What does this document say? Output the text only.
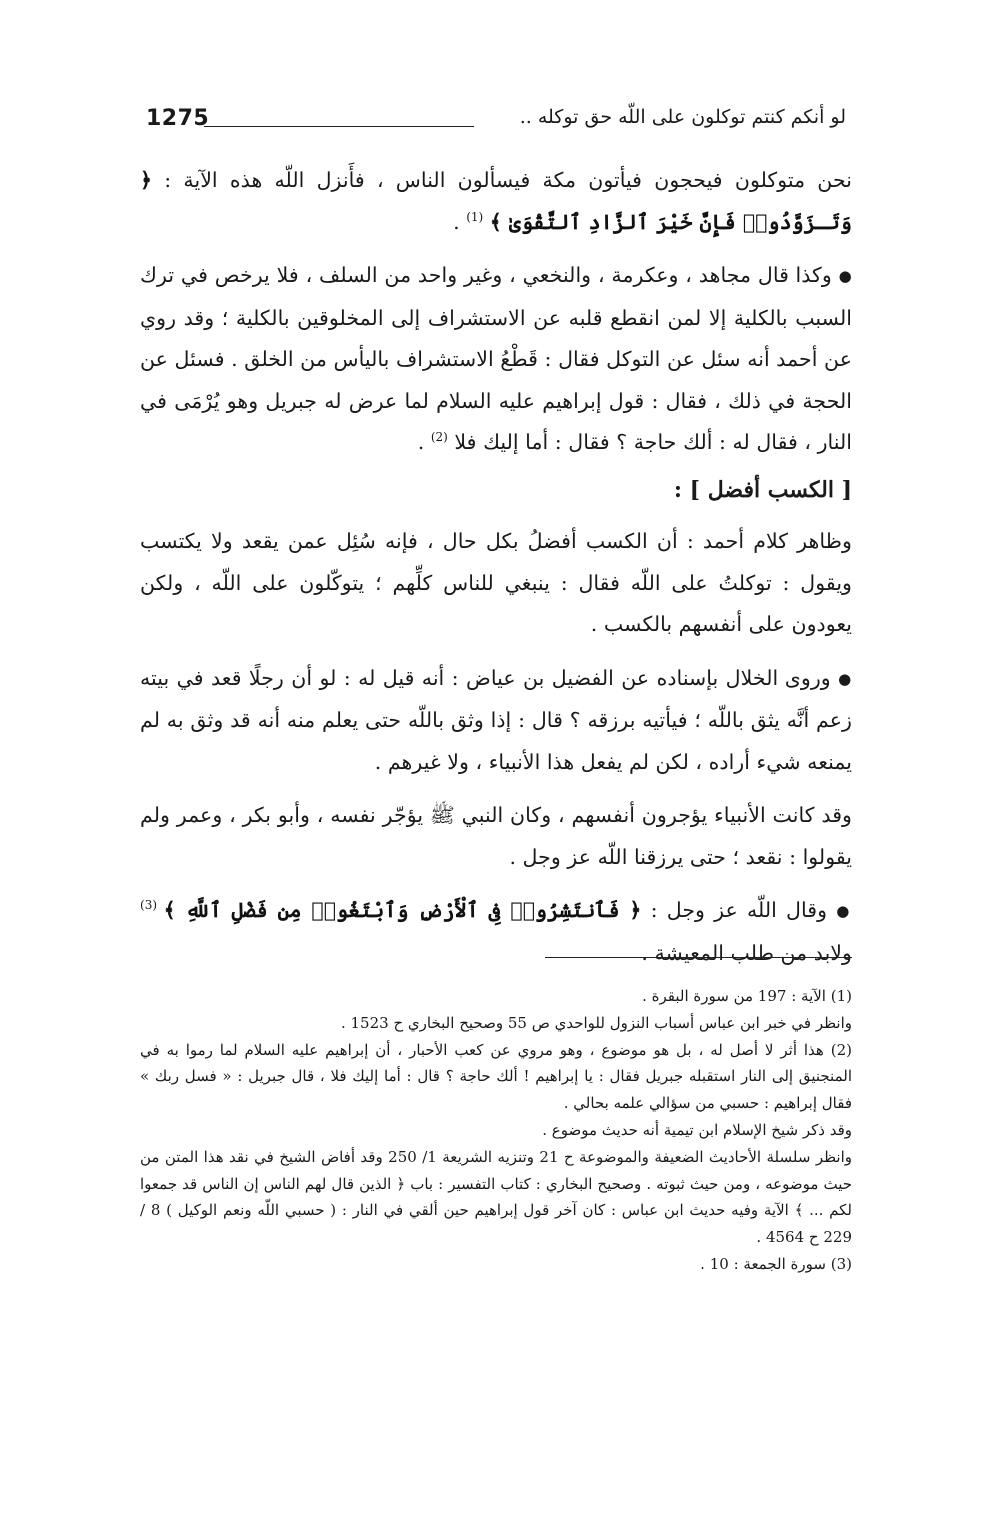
1275	لو أنكم كنتم توكلون على اللّه حق توكله ..

نحن متوكلون فيحجون فيأتون مكة فيسألون الناس ، فأَنزل اللّه هذه الآية : ﴿ وَتَـزَوَّدُوا۟ فَإِنَّ خَيْرَ ٱلزَّادِ ٱلتَّقْوَىٰ ﴾ $^{(1)}$ .

● وكذا قال مجاهد ، وعكرمة ، والنخعي ، وغير واحد من السلف ، فلا يرخص في ترك السبب بالكلية إلا لمن انقطع قلبه عن الاستشراف إلى المخلوقين بالكلية ؛ وقد روي عن أحمد أنه سئل عن التوكل فقال : قَطْعُ الاستشراف باليأس من الخلق . فسئل عن الحجة في ذلك ، فقال : قول إبراهيم عليه السلام لما عرض له جبريل وهو يُرْمَى في النار ، فقال له : ألك حاجة ؟ فقال : أما إليك فلا $^{(2)}$ .

[ الكسب أفضل ] :

وظاهر كلام أحمد : أن الكسب أفضلُ بكل حال ، فإنه سُئِل عمن يقعد ولا يكتسب ويقول : توكلتُ على اللّه فقال : ينبغي للناس كلِّهم ؛ يتوكّلون على اللّه ، ولكن يعودون على أنفسهم بالكسب .

● وروى الخلال بإسناده عن الفضيل بن عياض : أنه قيل له : لو أن رجلًا قعد في بيته زعم أنَّه يثق باللّه ؛ فيأتيه برزقه ؟ قال : إذا وثق باللّه حتى يعلم منه أنه قد وثق به لم يمنعه شيء أراده ، لكن لم يفعل هذا الأنبياء ، ولا غيرهم .

وقد كانت الأنبياء يؤجرون أنفسهم ، وكان النبي ﷺ يؤجّر نفسه ، وأبو بكر ، وعمر ولم يقولوا : نقعد ؛ حتى يرزقنا اللّه عز وجل .

● وقال اللّه عز وجل : ﴿ فَٱنتَشِرُوا۟ فِى ٱلْأَرْضِ وَٱبْتَغُوا۟ مِن فَضْلِ ٱللَّهِ ﴾ $^{(3)}$ ولابد من طلب المعيشة .

(1) الآية : 197 من سورة البقرة .

وانظر في خبر ابن عباس أسباب النزول للواحدي ص 55 وصحيح البخاري ح 1523 .

(2) هذا أثر لا أصل له ، بل هو موضوع ، وهو مروي عن كعب الأحبار ، أن إبراهيم عليه السلام لما رموا به في المنجنيق إلى النار استقبله جبريل فقال : يا إبراهيم ! ألك حاجة ؟ قال : أما إليك فلا ، قال جبريل : « فسل ربك » فقال إبراهيم : حسبي من سؤالي علمه بحالي .

وقد ذكر شيخ الإسلام ابن تيمية أنه حديث موضوع .

وانظر سلسلة الأحاديث الضعيفة والموضوعة ح 21 وتنزيه الشريعة 1/ 250 وقد أفاض الشيخ في نقد هذا المتن من حيث موضوعه ، ومن حيث ثبوته . وصحيح البخاري : كتاب التفسير : باب ﴿ الذين قال لهم الناس إن الناس قد جمعوا لكم ... ﴾ الآية وفيه حديث ابن عباس : كان آخر قول إبراهيم حين ألقي في النار : ( حسبي اللّه ونعم الوكيل ) 8 / 229 ح 4564 .

(3) سورة الجمعة : 10 .
